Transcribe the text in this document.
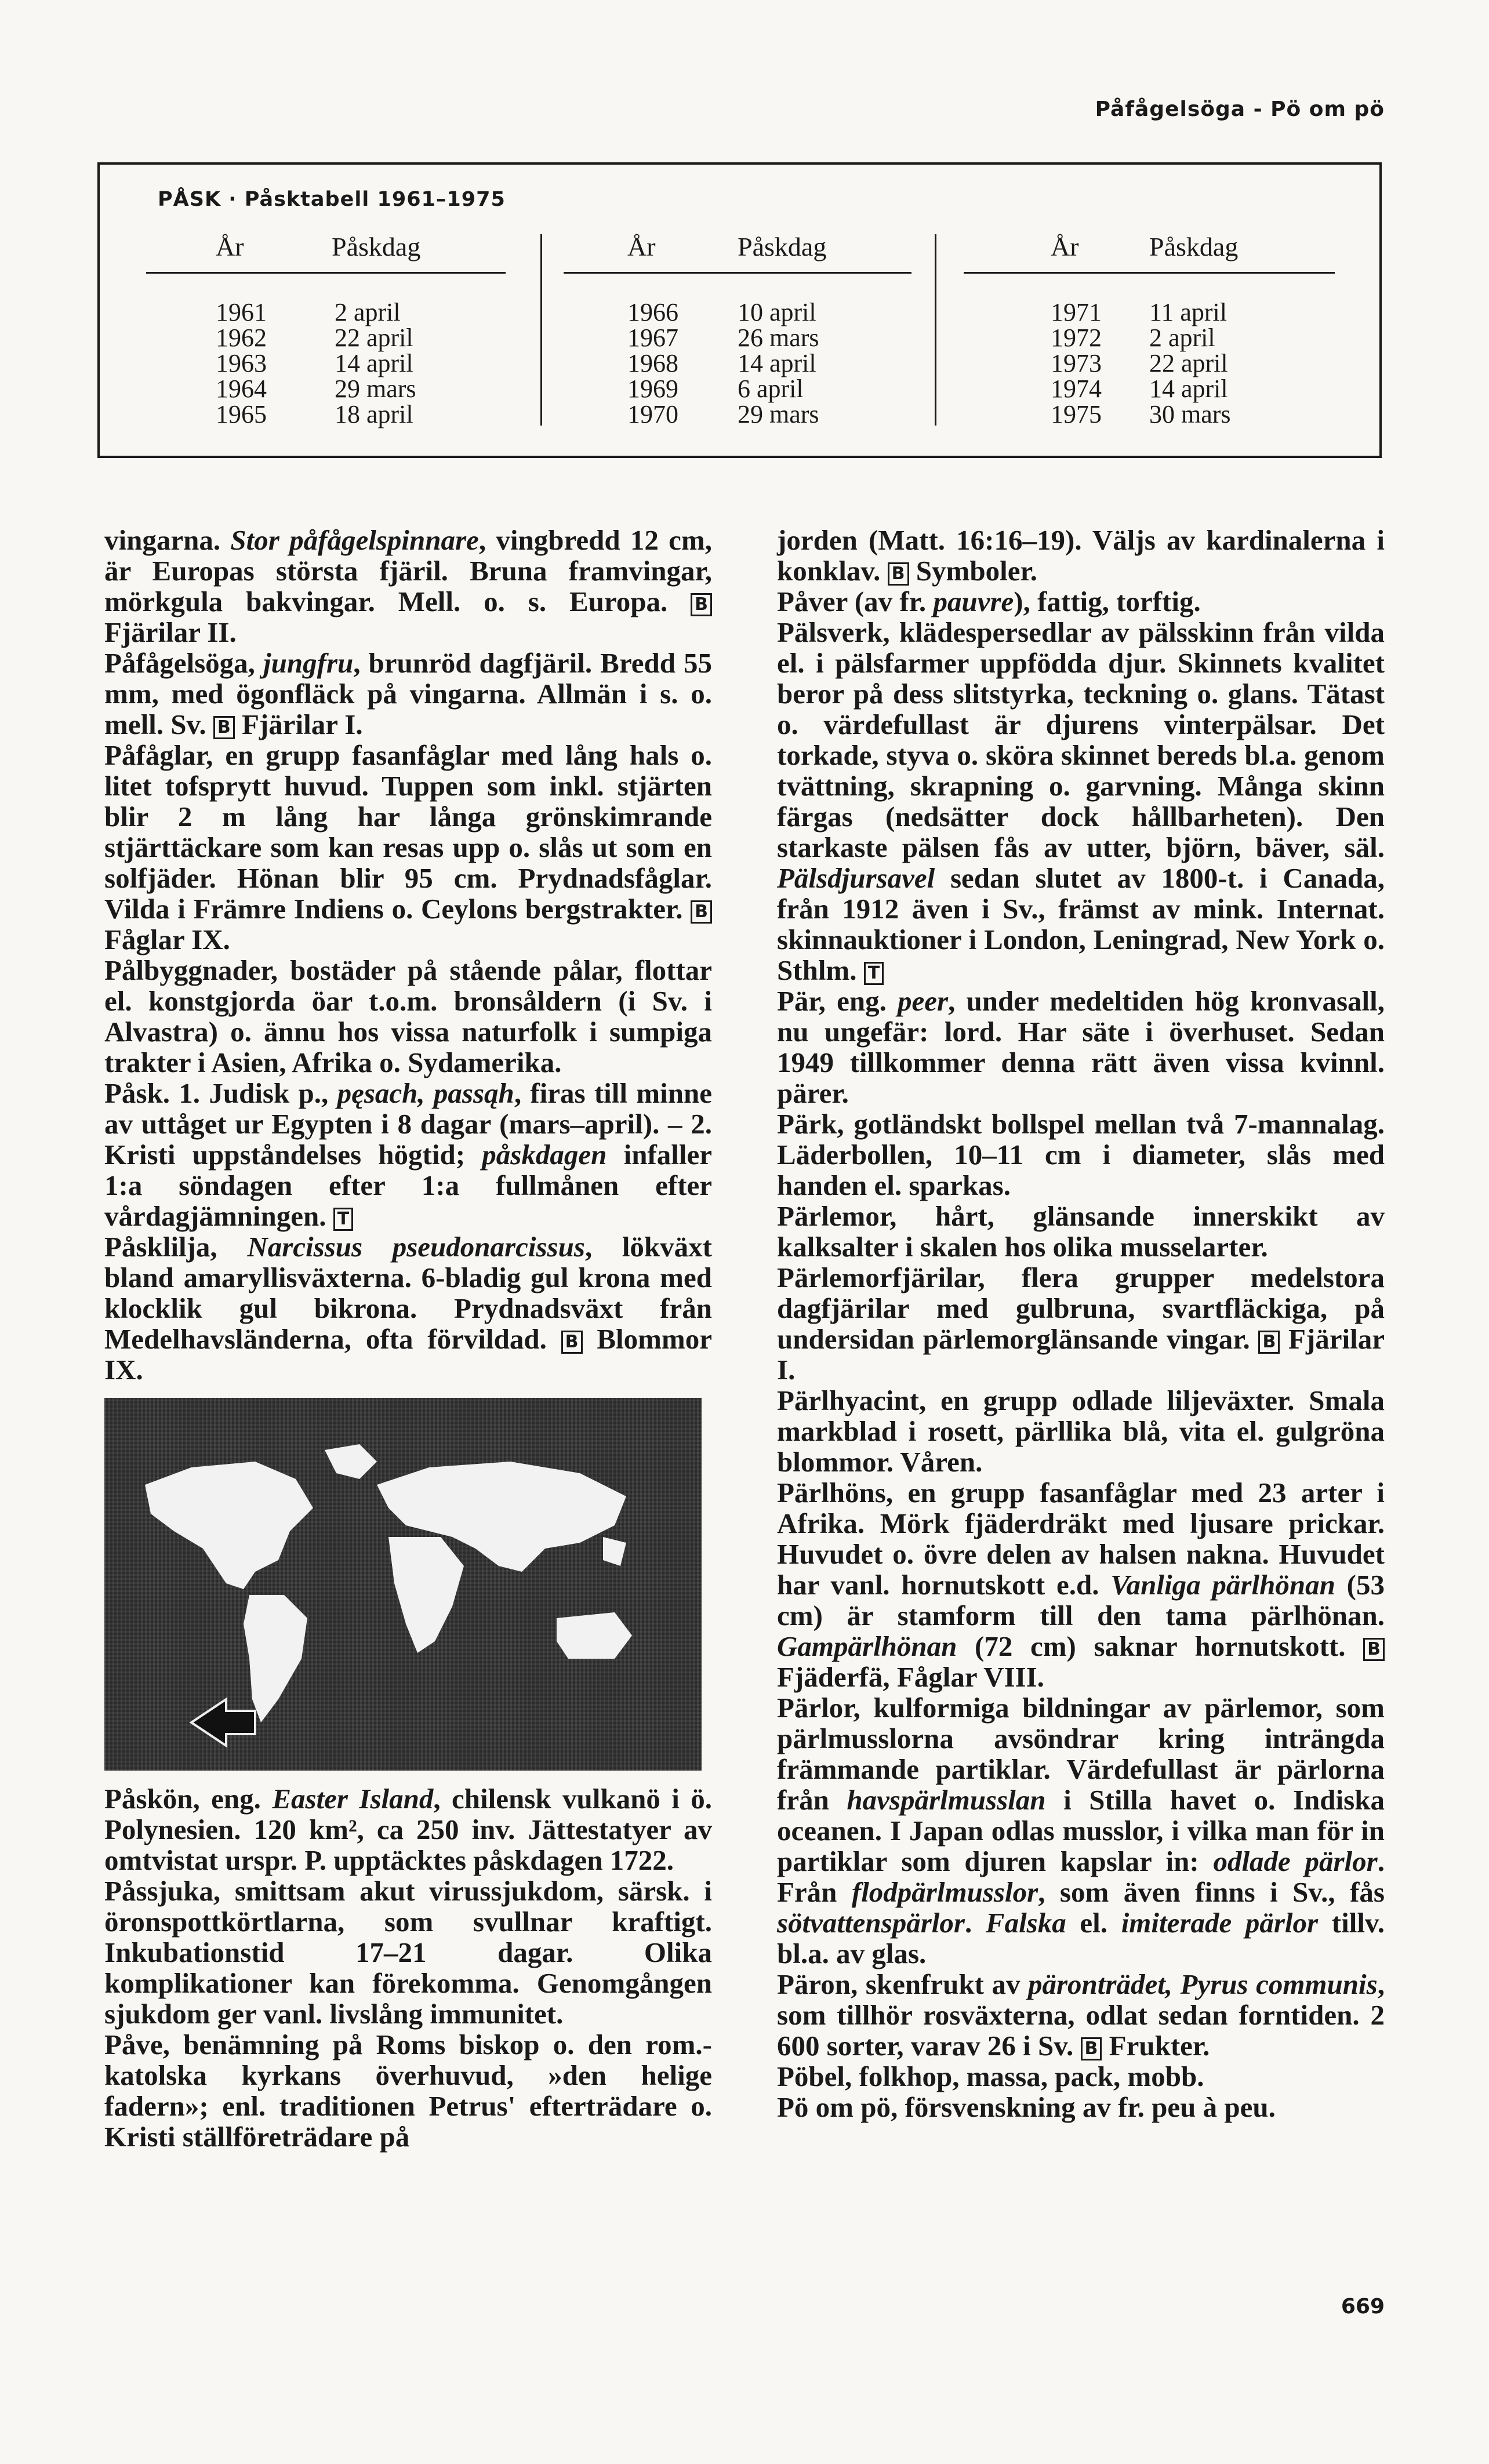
Påfågelsöga - Pö om pö
PÅSK · Påsktabell 1961–1975
År	Påskdag
1961	2 april
1962	22 april
1963	14 april
1964	29 mars
1965	18 april
År	Påskdag
1966 10 april
1967 26 mars
1968 14 april
1969 6 april
1970 29 mars
År	Påskdag
1971 11 april
1972 2 april
1973 22 april
1974 14 april
1975 30 mars

vingarna. Stor påfågelspinnare, vingbredd 12 cm, är Europas största fjäril. Bruna framvingar, mörkgula bakvingar. Mell. o. s. Europa. B Fjärilar II.

Påfågelsöga, jungfru, brunröd dagfjäril. Bredd 55 mm, med ögonfläck på vingarna. Allmän i s. o. mell. Sv. B Fjärilar I.

Påfåglar, en grupp fasanfåglar med lång hals o. litet tofsprytt huvud. Tuppen som inkl. stjärten blir 2 m lång har långa grönskimrande stjärttäckare som kan resas upp o. slås ut som en solfjäder. Hönan blir 95 cm. Prydnadsfåglar. Vilda i Främre Indiens o. Ceylons bergstrakter. B Fåglar IX.

Pålbyggnader, bostäder på stående pålar, flottar el. konstgjorda öar t.o.m. bronsåldern (i Sv. i Alvastra) o. ännu hos vissa naturfolk i sumpiga trakter i Asien, Afrika o. Sydamerika.

Påsk. 1. Judisk p., pęsach, passąh, firas till minne av uttåget ur Egypten i 8 dagar (mars–april). – 2. Kristi uppståndelses högtid; påskdagen infaller 1:a söndagen efter 1:a fullmånen efter vårdagjämningen. T

Påsklilja, Narcissus pseudonarcissus, lökväxt bland amaryllisväxterna. 6-bladig gul krona med klocklik gul bikrona. Prydnadsväxt från Medelhavsländerna, ofta förvildad. B Blommor IX.

Påskön, eng. Easter Island, chilensk vulkanö i ö. Polynesien. 120 km², ca 250 inv. Jättestatyer av omtvistat urspr. P. upptäcktes påskdagen 1722.

Påssjuka, smittsam akut virussjukdom, särsk. i öronspottkörtlarna, som svullnar kraftigt. Inkubationstid 17–21 dagar. Olika komplikationer kan förekomma. Genomgången sjukdom ger vanl. livslång immunitet.

Påve, benämning på Roms biskop o. den rom.-katolska kyrkans överhuvud, »den helige fadern»; enl. traditionen Petrus' efterträdare o. Kristi ställföreträdare på

jorden (Matt. 16:16–19). Väljs av kardinalerna i konklav. B Symboler.

Påver (av fr. pauvre), fattig, torftig.

Pälsverk, klädespersedlar av pälsskinn från vilda el. i pälsfarmer uppfödda djur. Skinnets kvalitet beror på dess slitstyrka, teckning o. glans. Tätast o. värdefullast är djurens vinterpälsar. Det torkade, styva o. sköra skinnet bereds bl.a. genom tvättning, skrapning o. garvning. Många skinn färgas (nedsätter dock hållbarheten). Den starkaste pälsen fås av utter, björn, bäver, säl. Pälsdjursavel sedan slutet av 1800-t. i Canada, från 1912 även i Sv., främst av mink. Internat. skinnauktioner i London, Leningrad, New York o. Sthlm. T

Pär, eng. peer, under medeltiden hög kronvasall, nu ungefär: lord. Har säte i överhuset. Sedan 1949 tillkommer denna rätt även vissa kvinnl. pärer.

Pärk, gotländskt bollspel mellan två 7-mannalag. Läderbollen, 10–11 cm i diameter, slås med handen el. sparkas.

Pärlemor, hårt, glänsande innerskikt av kalksalter i skalen hos olika musselarter.

Pärlemorfjärilar, flera grupper medelstora dagfjärilar med gulbruna, svartfläckiga, på undersidan pärlemorglänsande vingar. B Fjärilar I.

Pärlhyacint, en grupp odlade liljeväxter. Smala markblad i rosett, pärllika blå, vita el. gulgröna blommor. Våren.

Pärlhöns, en grupp fasanfåglar med 23 arter i Afrika. Mörk fjäderdräkt med ljusare prickar. Huvudet o. övre delen av halsen nakna. Huvudet har vanl. hornutskott e.d. Vanliga pärlhönan (53 cm) är stamform till den tama pärlhönan. Gampärlhönan (72 cm) saknar hornutskott. B Fjäderfä, Fåglar VIII.

Pärlor, kulformiga bildningar av pärlemor, som pärlmusslorna avsöndrar kring inträngda främmande partiklar. Värdefullast är pärlorna från havspärlmusslan i Stilla havet o. Indiska oceanen. I Japan odlas musslor, i vilka man för in partiklar som djuren kapslar in: odlade pärlor. Från flodpärlmusslor, som även finns i Sv., fås sötvattenspärlor. Falska el. imiterade pärlor tillv. bl.a. av glas.

Päron, skenfrukt av päronträdet, Pyrus communis, som tillhör rosväxterna, odlat sedan forntiden. 2 600 sorter, varav 26 i Sv. B Frukter.

Pöbel, folkhop, massa, pack, mobb.

Pö om pö, försvenskning av fr. peu à peu.

669
